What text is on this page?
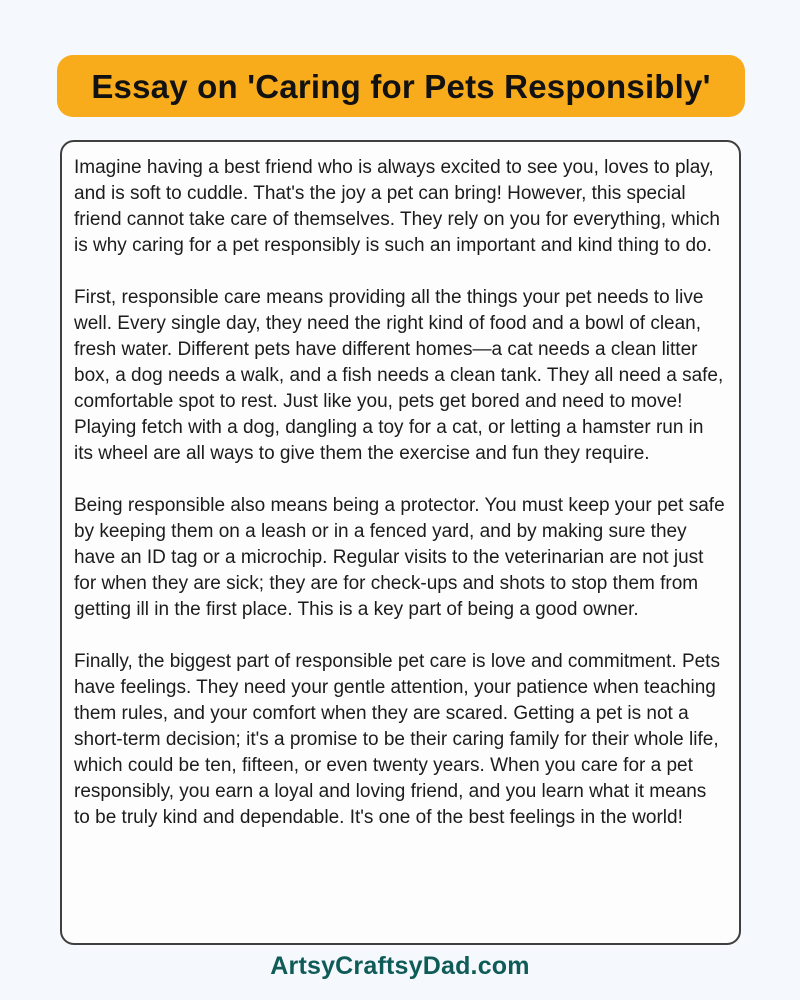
Essay on 'Caring for Pets Responsibly'

Imagine having a best friend who is always excited to see you, loves to play, and is soft to cuddle. That's the joy a pet can bring! However, this special friend cannot take care of themselves. They rely on you for everything, which is why caring for a pet responsibly is such an important and kind thing to do.

First, responsible care means providing all the things your pet needs to live well. Every single day, they need the right kind of food and a bowl of clean, fresh water. Different pets have different homes—a cat needs a clean litter box, a dog needs a walk, and a fish needs a clean tank. They all need a safe, comfortable spot to rest. Just like you, pets get bored and need to move! Playing fetch with a dog, dangling a toy for a cat, or letting a hamster run in its wheel are all ways to give them the exercise and fun they require.

Being responsible also means being a protector. You must keep your pet safe by keeping them on a leash or in a fenced yard, and by making sure they have an ID tag or a microchip. Regular visits to the veterinarian are not just for when they are sick; they are for check-ups and shots to stop them from getting ill in the first place. This is a key part of being a good owner.

Finally, the biggest part of responsible pet care is love and commitment. Pets have feelings. They need your gentle attention, your patience when teaching them rules, and your comfort when they are scared. Getting a pet is not a short-term decision; it's a promise to be their caring family for their whole life, which could be ten, fifteen, or even twenty years. When you care for a pet responsibly, you earn a loyal and loving friend, and you learn what it means to be truly kind and dependable. It's one of the best feelings in the world!

ArtsyCraftsyDad.com
